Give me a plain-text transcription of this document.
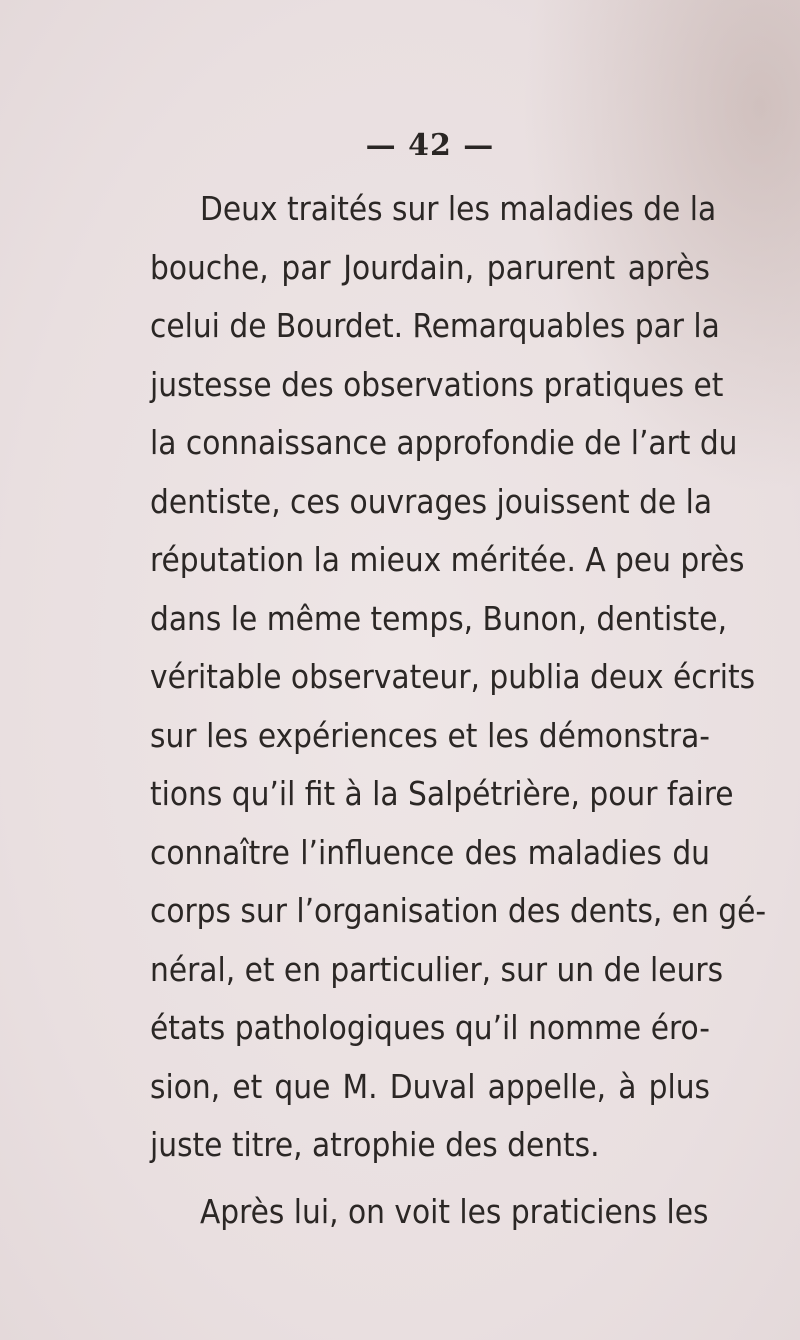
— 42 —
Deux traités sur les maladies de la
bouche, par Jourdain, parurent après
celui de Bourdet. Remarquables par la
justesse des observations pratiques et
la connaissance approfondie de l’art du
dentiste, ces ouvrages jouissent de la
réputation la mieux méritée. A peu près
dans le même temps, Bunon, dentiste,
véritable observateur, publia deux écrits
sur les expériences et les démonstra-
tions qu’il fit à la Salpétrière, pour faire
connaître l’influence des maladies du
corps sur l’organisation des dents, en gé-
néral, et en particulier, sur un de leurs
états pathologiques qu’il nomme éro-
sion, et que M. Duval appelle, à plus
juste titre, atrophie des dents.
Après lui, on voit les praticiens les
